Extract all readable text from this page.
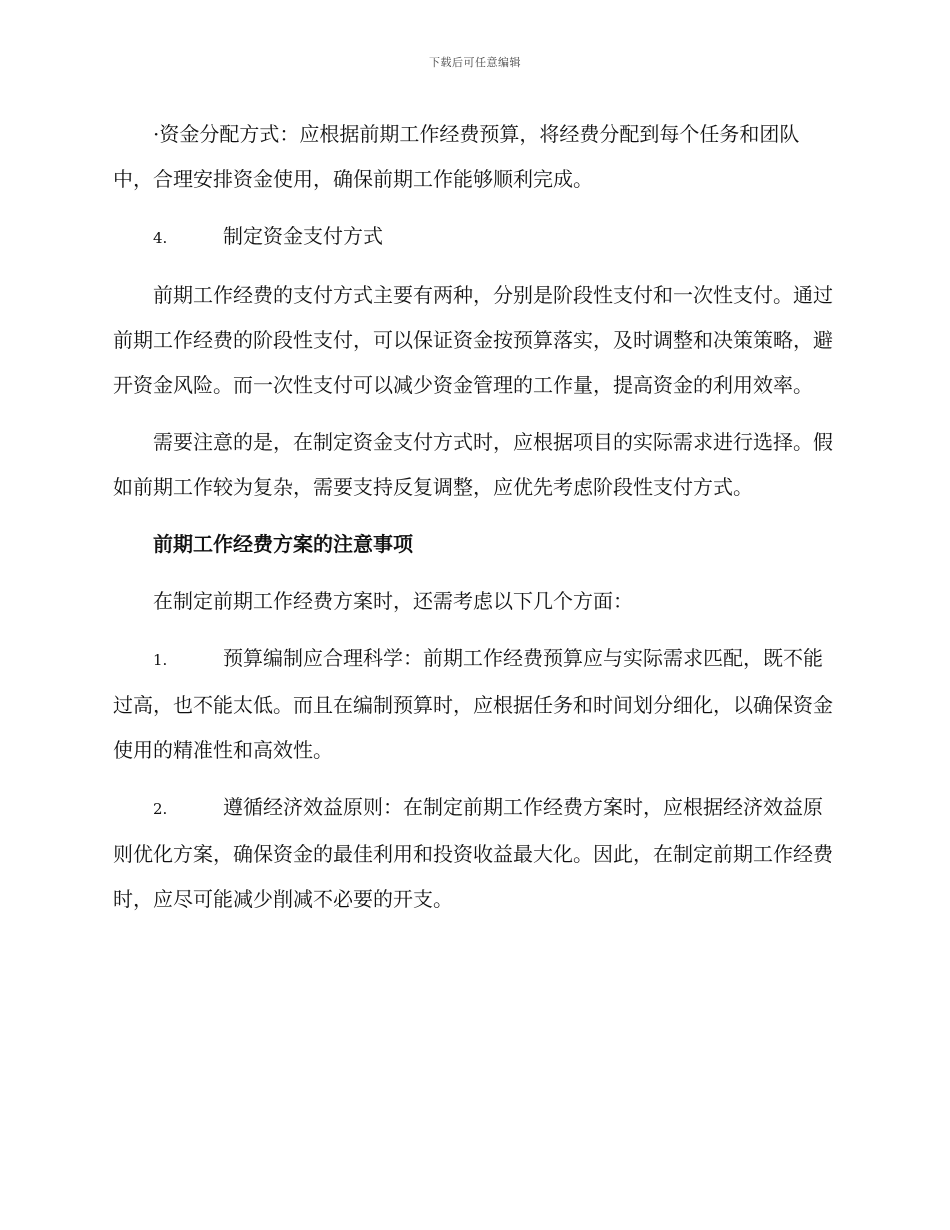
下载后可任意编辑

·资金分配方式：应根据前期工作经费预算，将经费分配到每个任务和团队中，合理安排资金使用，确保前期工作能够顺利完成。

4.	制定资金支付方式

前期工作经费的支付方式主要有两种，分别是阶段性支付和一次性支付。通过前期工作经费的阶段性支付，可以保证资金按预算落实，及时调整和决策策略，避开资金风险。而一次性支付可以减少资金管理的工作量，提高资金的利用效率。

需要注意的是，在制定资金支付方式时，应根据项目的实际需求进行选择。假如前期工作较为复杂，需要支持反复调整，应优先考虑阶段性支付方式。

前期工作经费方案的注意事项

在制定前期工作经费方案时，还需考虑以下几个方面：

1.	预算编制应合理科学：前期工作经费预算应与实际需求匹配，既不能过高，也不能太低。而且在编制预算时，应根据任务和时间划分细化，以确保资金使用的精准性和高效性。

2.	遵循经济效益原则：在制定前期工作经费方案时，应根据经济效益原则优化方案，确保资金的最佳利用和投资收益最大化。因此，在制定前期工作经费时，应尽可能减少削减不必要的开支。
